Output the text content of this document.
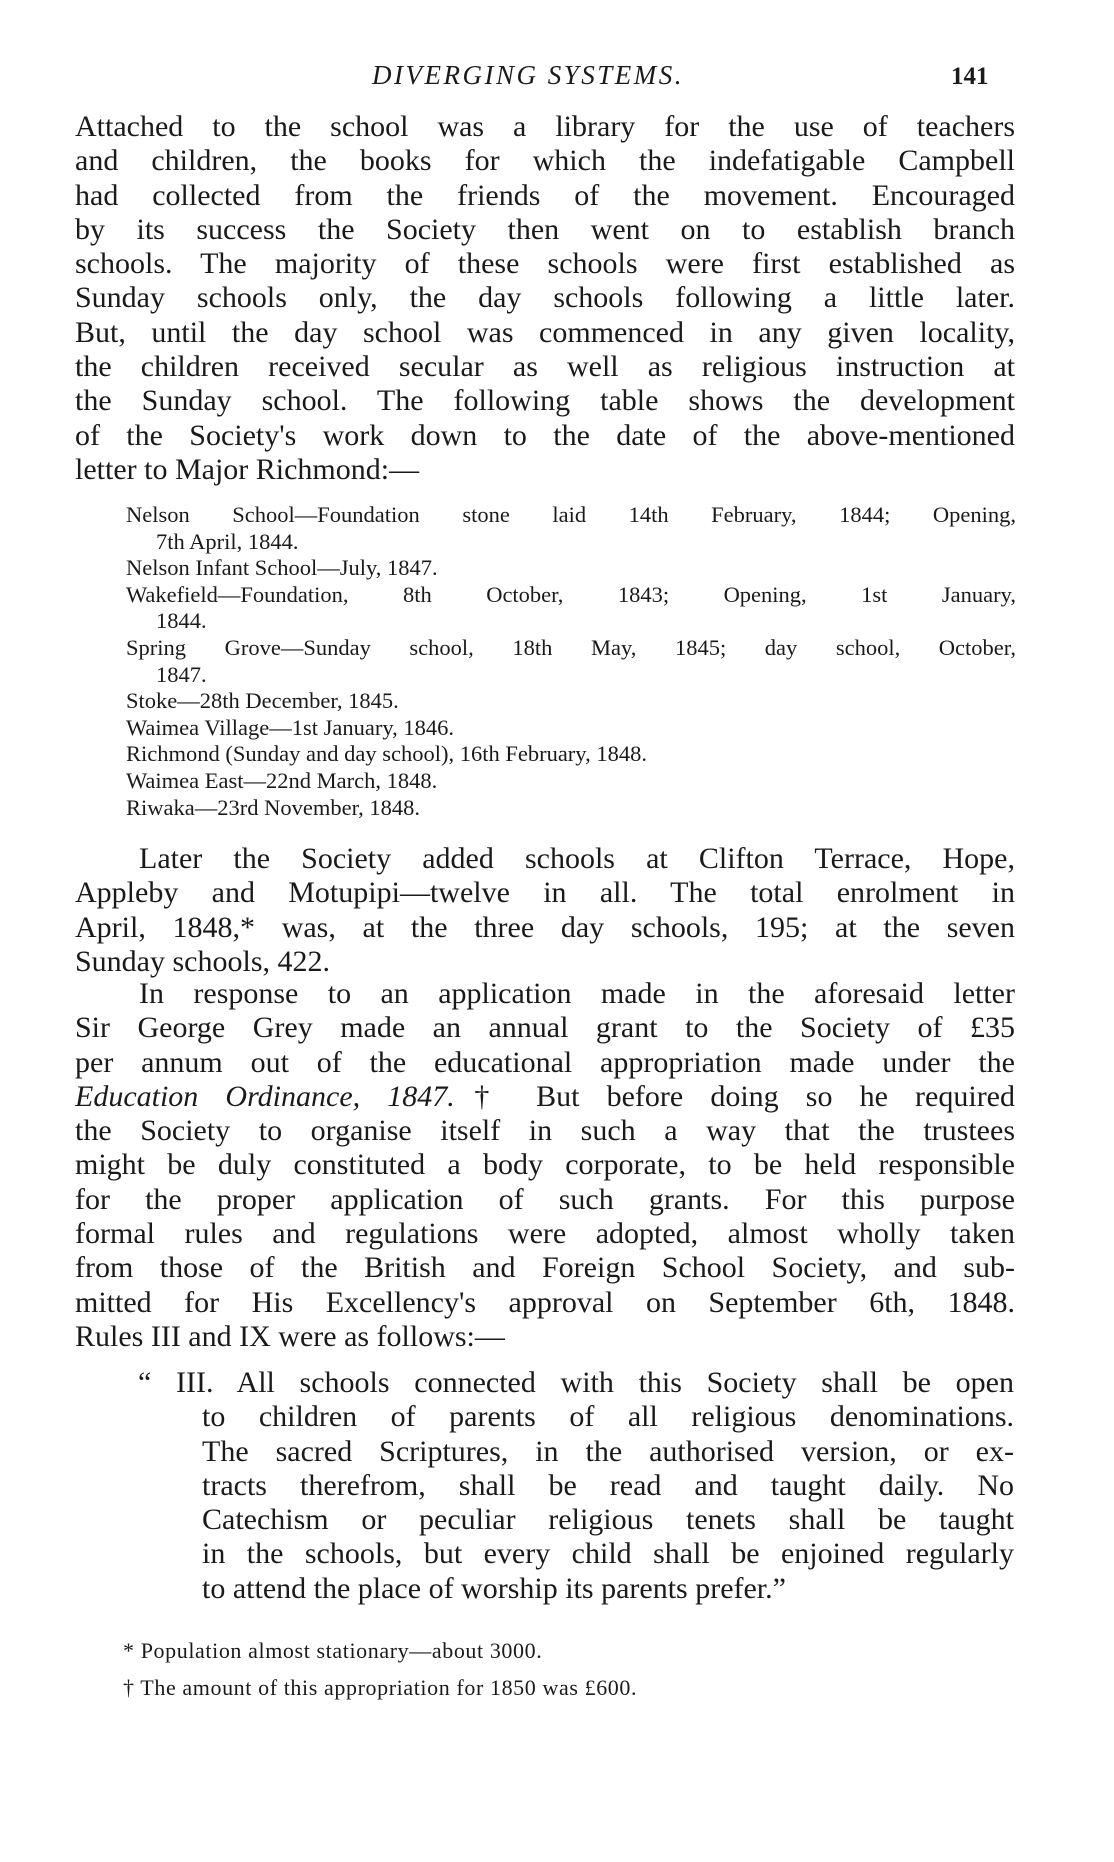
DIVERGING SYSTEMS.	141
Attached to the school was a library for the use of teachers
and children, the books for which the indefatigable Campbell
had collected from the friends of the movement. Encouraged
by its success the Society then went on to establish branch
schools. The majority of these schools were first established as
Sunday schools only, the day schools following a little later.
But, until the day school was commenced in any given locality,
the children received secular as well as religious instruction at
the Sunday school. The following table shows the development
of the Society's work down to the date of the above-mentioned
letter to Major Richmond:—
Nelson School—Foundation stone laid 14th February, 1844; Opening,
7th April, 1844.
Nelson Infant School—July, 1847.
Wakefield—Foundation, 8th October, 1843; Opening, 1st January,
1844.
Spring Grove—Sunday school, 18th May, 1845; day school, October,
1847.
Stoke—28th December, 1845.
Waimea Village—1st January, 1846.
Richmond (Sunday and day school), 16th February, 1848.
Waimea East—22nd March, 1848.
Riwaka—23rd November, 1848.
Later the Society added schools at Clifton Terrace, Hope,
Appleby and Motupipi—twelve in all. The total enrolment in
April, 1848,* was, at the three day schools, 195; at the seven
Sunday schools, 422.
In response to an application made in the aforesaid letter
Sir George Grey made an annual grant to the Society of £35
per annum out of the educational appropriation made under the
Education Ordinance, 1847.† But before doing so he required
the Society to organise itself in such a way that the trustees
might be duly constituted a body corporate, to be held responsible
for the proper application of such grants. For this purpose
formal rules and regulations were adopted, almost wholly taken
from those of the British and Foreign School Society, and sub-
mitted for His Excellency's approval on September 6th, 1848.
Rules III and IX were as follows:—
“ III. All schools connected with this Society shall be open
to children of parents of all religious denominations.
The sacred Scriptures, in the authorised version, or ex-
tracts therefrom, shall be read and taught daily. No
Catechism or peculiar religious tenets shall be taught
in the schools, but every child shall be enjoined regularly
to attend the place of worship its parents prefer.”
* Population almost stationary—about 3000.
† The amount of this appropriation for 1850 was £600.
